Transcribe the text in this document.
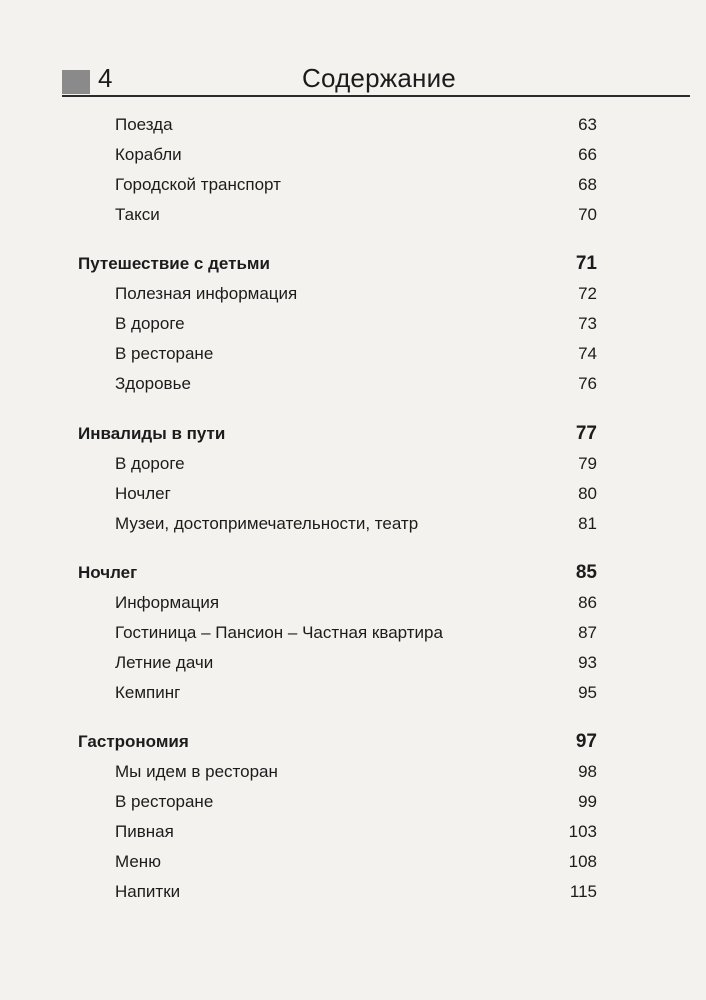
4	Содержание
Поезда	63
Корабли	66
Городской транспорт	68
Такси	70
Путешествие с детьми	71
Полезная информация	72
В дороге	73
В ресторане	74
Здоровье	76
Инвалиды в пути	77
В дороге	79
Ночлег	80
Музеи, достопримечательности, театр	81
Ночлег	85
Информация	86
Гостиница – Пансион – Частная квартира	87
Летние дачи	93
Кемпинг	95
Гастрономия	97
Мы идем в ресторан	98
В ресторане	99
Пивная	103
Меню	108
Напитки	115
